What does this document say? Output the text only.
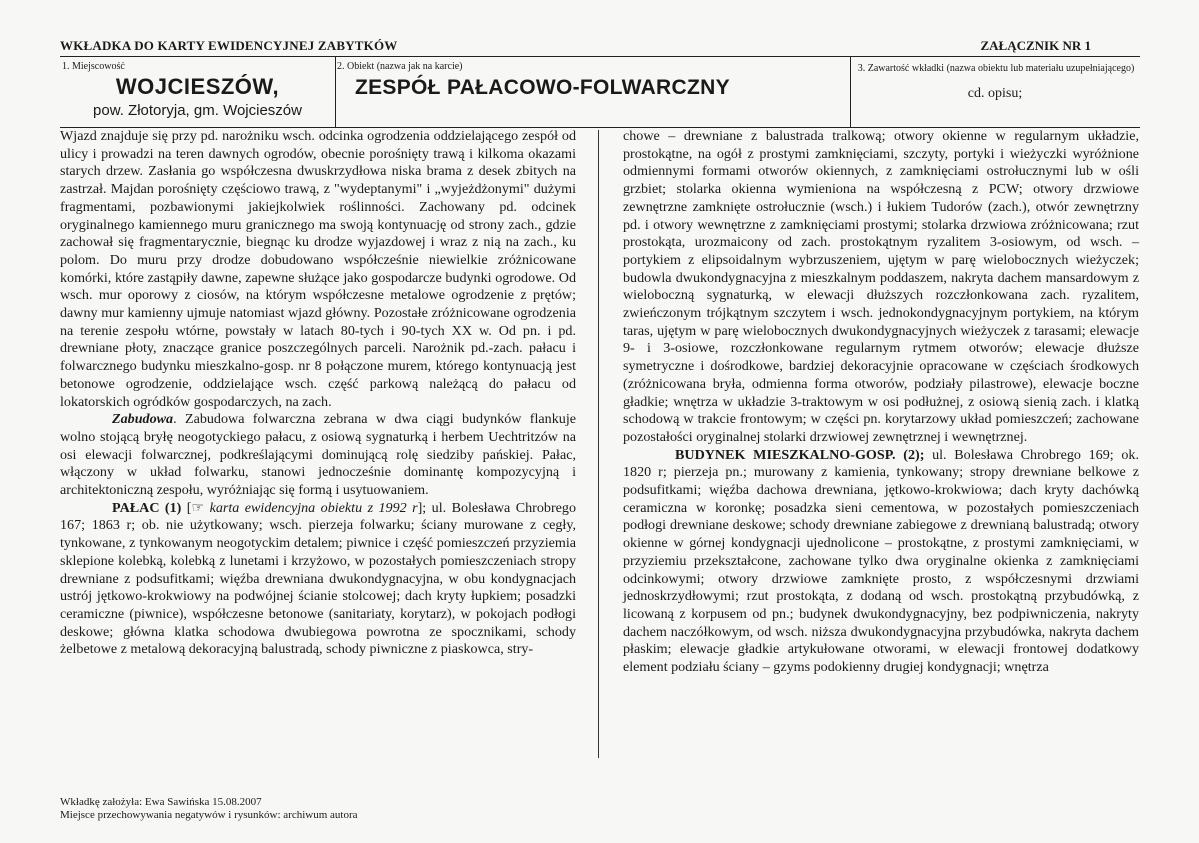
WKŁADKA DO KARTY EWIDENCYJNEJ ZABYTKÓW	ZAŁĄCZNIK NR 1
1. Miejscowość
WOJCIESZÓW,
pow. Złotoryja, gm. Wojcieszów
2. Obiekt (nazwa jak na karcie)
ZESPÓŁ PAŁACOWO-FOLWARCZNY
3. Zawartość wkładki (nazwa obiektu lub materiału uzupełniającego)
cd. opisu;

Wjazd znajduje się przy pd. narożniku wsch. odcinka ogrodzenia oddzielającego zespół od ulicy i prowadzi na teren dawnych ogrodów, obecnie porośnięty trawą i kilkoma okazami starych drzew. Zasłania go współczesna dwuskrzydłowa niska brama z desek zbitych na zastrzał. Majdan porośnięty częściowo trawą, z "wydeptanymi" i „wyjeżdżonymi" dużymi fragmentami, pozbawionymi jakiejkolwiek roślinności. Zachowany pd. odcinek oryginalnego kamiennego muru granicznego ma swoją kontynuację od strony zach., gdzie zachował się fragmentarycznie, biegnąc ku drodze wyjazdowej i wraz z nią na zach., ku polom. Do muru przy drodze dobudowano współcześnie niewielkie zróżnicowane komórki, które zastąpiły dawne, zapewne służące jako gospodarcze budynki ogrodowe. Od wsch. mur oporowy z ciosów, na którym współczesne metalowe ogrodzenie z prętów; dawny mur kamienny ujmuje natomiast wjazd główny. Pozostałe zróżnicowane ogrodzenia na terenie zespołu wtórne, powstały w latach 80-tych i 90-tych XX w. Od pn. i pd. drewniane płoty, znaczące granice poszczególnych parceli. Narożnik pd.-zach. pałacu i folwarcznego budynku mieszkalno-gosp. nr 8 połączone murem, którego kontynuacją jest betonowe ogrodzenie, oddzielające wsch. część parkową należącą do pałacu od lokatorskich ogródków gospodarczych, na zach.

Zabudowa. Zabudowa folwarczna zebrana w dwa ciągi budynków flankuje wolno stojącą bryłę neogotyckiego pałacu, z osiową sygnaturką i herbem Uechtritzów na osi elewacji folwarcznej, podkreślającymi dominującą rolę siedziby pańskiej. Pałac, włączony w układ folwarku, stanowi jednocześnie dominantę kompozycyjną i architektoniczną zespołu, wyróżniając się formą i usytuowaniem.

PAŁAC (1) [☞ karta ewidencyjna obiektu z 1992 r]; ul. Bolesława Chrobrego 167; 1863 r; ob. nie użytkowany; wsch. pierzeja folwarku; ściany murowane z cegły, tynkowane, z tynkowanym neogotyckim detalem; piwnice i część pomieszczeń przyziemia sklepione kolebką, kolebką z lunetami i krzyżowo, w pozostałych pomieszczeniach stropy drewniane z podsufitkami; więźba drewniana dwukondygnacyjna, w obu kondygnacjach ustrój jętkowo-krokwiowy na podwójnej ścianie stolcowej; dach kryty łupkiem; posadzki ceramiczne (piwnice), współczesne betonowe (sanitariaty, korytarz), w pokojach podłogi deskowe; główna klatka schodowa dwubiegowa powrotna ze spocznikami, schody żelbetowe z metalową dekoracyjną balustradą, schody piwniczne z piaskowca, stry-

chowe – drewniane z balustrada tralkową; otwory okienne w regularnym układzie, prostokątne, na ogół z prostymi zamknięciami, szczyty, portyki i wieżyczki wyróżnione odmiennymi formami otworów okiennych, z zamknięciami ostrołucznymi lub w ośli grzbiet; stolarka okienna wymieniona na współczesną z PCW; otwory drzwiowe zewnętrzne zamknięte ostrołucznie (wsch.) i łukiem Tudorów (zach.), otwór zewnętrzny pd. i otwory wewnętrzne z zamknięciami prostymi; stolarka drzwiowa zróżnicowana; rzut prostokąta, urozmaicony od zach. prostokątnym ryzalitem 3-osiowym, od wsch. – portykiem z elipsoidalnym wybrzuszeniem, ujętym w parę wielobocznych wieżyczek; budowla dwukondygnacyjna z mieszkalnym poddaszem, nakryta dachem mansardowym z wieloboczną sygnaturką, w elewacji dłuższych rozczłonkowana zach. ryzalitem, zwieńczonym trójkątnym szczytem i wsch. jednokondygnacyjnym portykiem, na którym taras, ujętym w parę wielobocznych dwukondygnacyjnych wieżyczek z tarasami; elewacje 9- i 3-osiowe, rozczłonkowane regularnym rytmem otworów; elewacje dłuższe symetryczne i dośrodkowe, bardziej dekoracyjnie opracowane w częściach środkowych (zróżnicowana bryła, odmienna forma otworów, podziały pilastrowe), elewacje boczne gładkie; wnętrza w układzie 3-traktowym w osi podłużnej, z osiową sienią zach. i klatką schodową w trakcie frontowym; w części pn. korytarzowy układ pomieszczeń; zachowane pozostałości oryginalnej stolarki drzwiowej zewnętrznej i wewnętrznej.

BUDYNEK MIESZKALNO-GOSP. (2); ul. Bolesława Chrobrego 169; ok. 1820 r; pierzeja pn.; murowany z kamienia, tynkowany; stropy drewniane belkowe z podsufitkami; więźba dachowa drewniana, jętkowo-krokwiowa; dach kryty dachówką ceramiczna w koronkę; posadzka sieni cementowa, w pozostałych pomieszczeniach podłogi drewniane deskowe; schody drewniane zabiegowe z drewnianą balustradą; otwory okienne w górnej kondygnacji ujednolicone – prostokątne, z prostymi zamknięciami, w przyziemiu przekształcone, zachowane tylko dwa oryginalne okienka z zamknięciami odcinkowymi; otwory drzwiowe zamknięte prosto, z współczesnymi drzwiami jednoskrzydłowymi; rzut prostokąta, z dodaną od wsch. prostokątną przybudówką, z licowaną z korpusem od pn.; budynek dwukondygnacyjny, bez podpiwniczenia, nakryty dachem naczółkowym, od wsch. niższa dwukondygnacyjna przybudówka, nakryta dachem płaskim; elewacje gładkie artykułowane otworami, w elewacji frontowej dodatkowy element podziału ściany – gzyms podokienny drugiej kondygnacji; wnętrza

Wkładkę założyła: Ewa Sawińska 15.08.2007

Miejsce przechowywania negatywów i rysunków: archiwum autora
